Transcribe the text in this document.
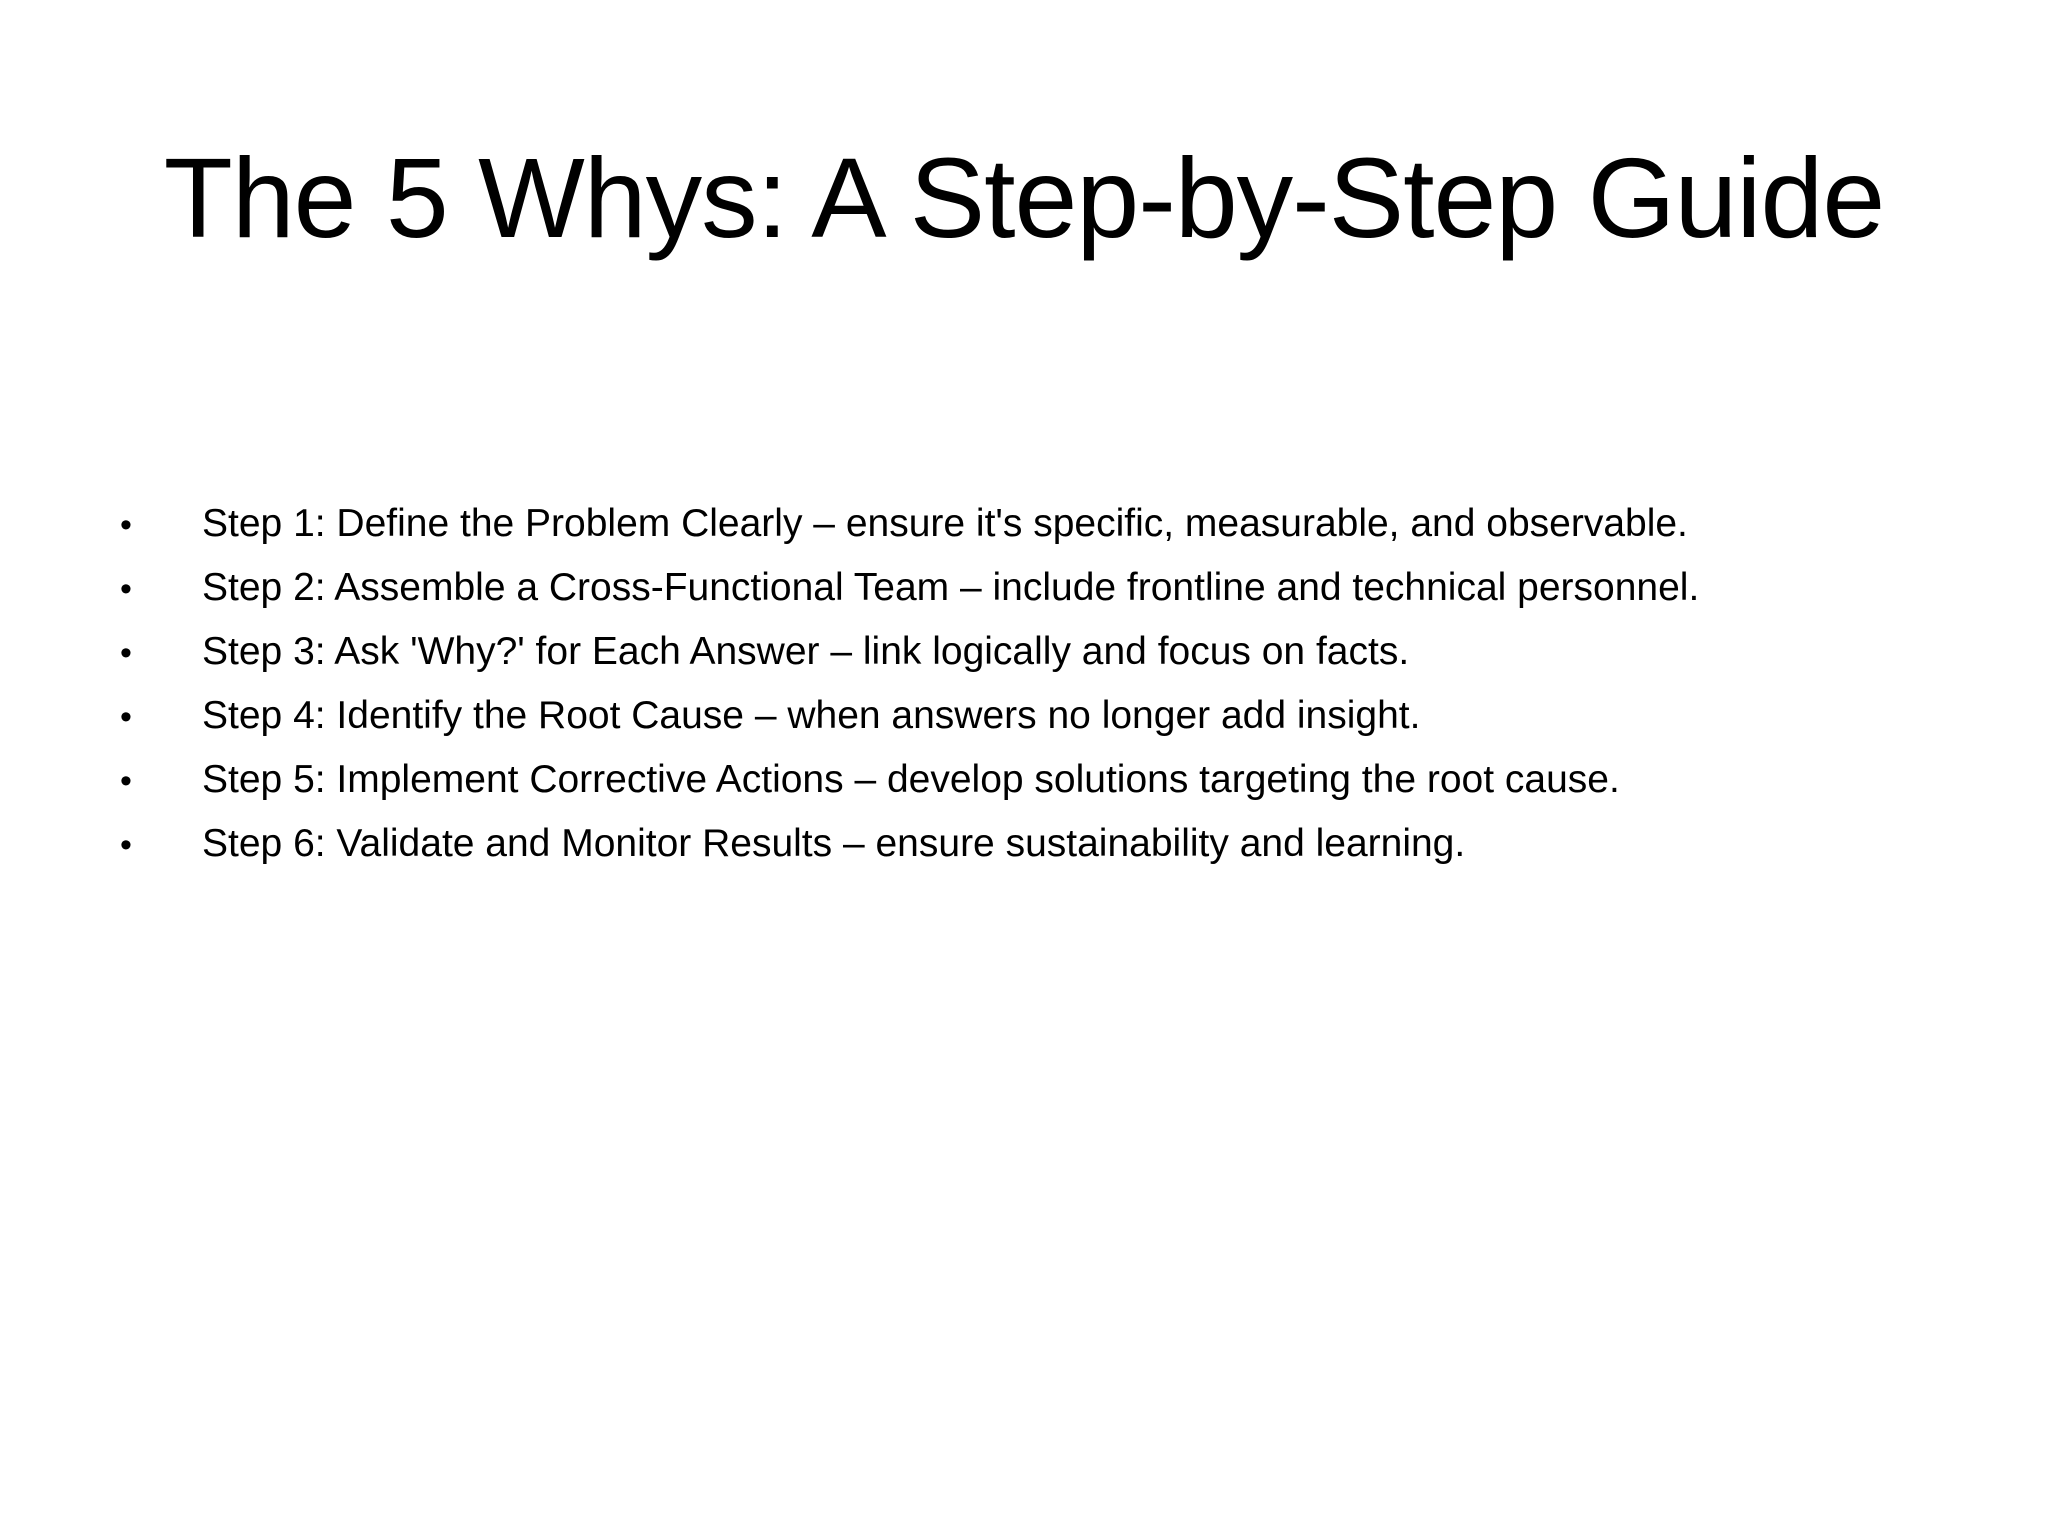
The 5 Whys: A Step-by-Step Guide
•	Step 1: Define the Problem Clearly – ensure it's specific, measurable, and observable.
•	Step 2: Assemble a Cross-Functional Team – include frontline and technical personnel.
•	Step 3: Ask 'Why?' for Each Answer – link logically and focus on facts.
•	Step 4: Identify the Root Cause – when answers no longer add insight.
•	Step 5: Implement Corrective Actions – develop solutions targeting the root cause.
•	Step 6: Validate and Monitor Results – ensure sustainability and learning.
